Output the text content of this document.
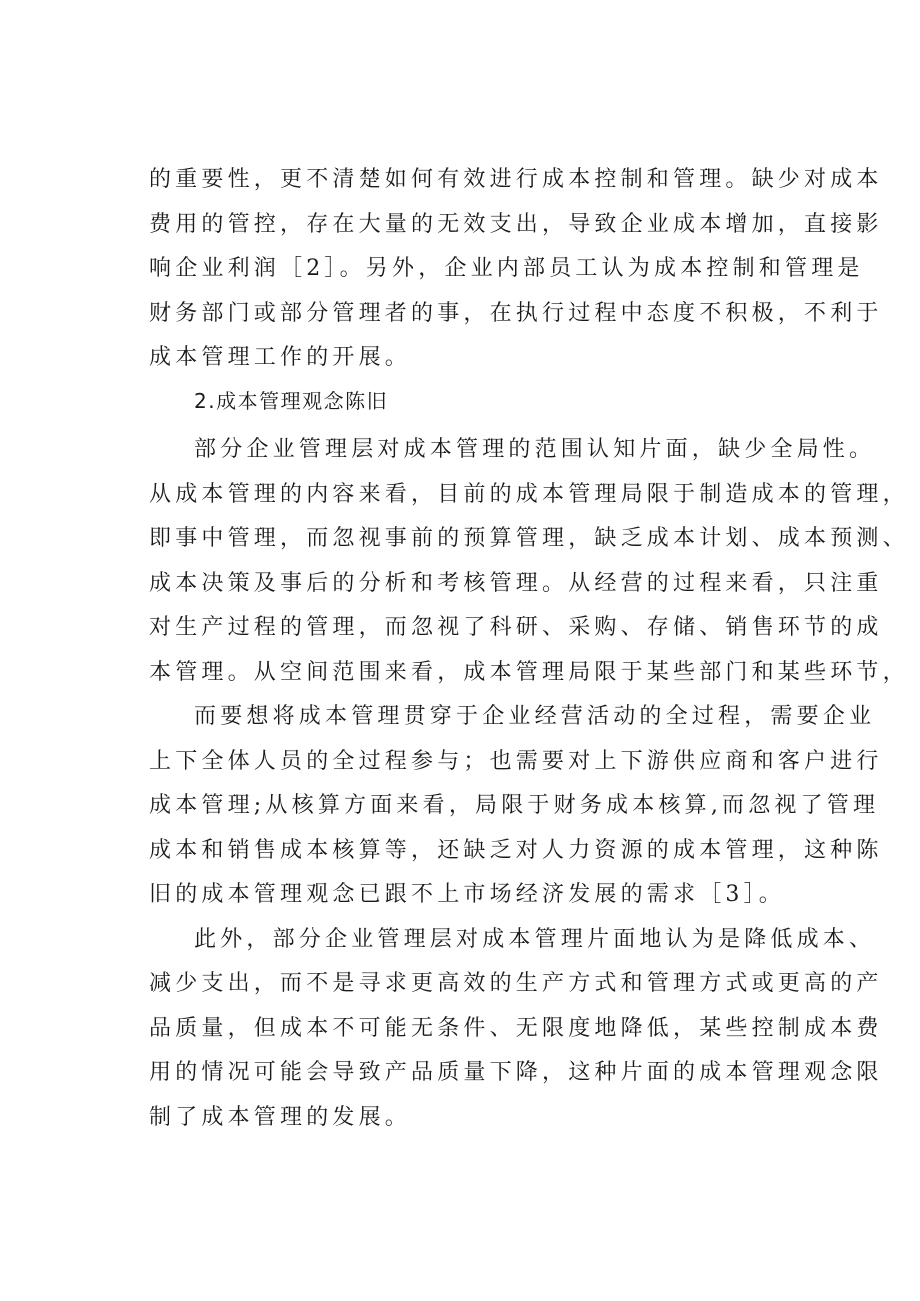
的重要性，更不清楚如何有效进行成本控制和管理。缺少对成本
费用的管控，存在大量的无效支出，导致企业成本增加，直接影
响企业利润［2］。另外，企业内部员工认为成本控制和管理是
财务部门或部分管理者的事，在执行过程中态度不积极，不利于
成本管理工作的开展。
2.成本管理观念陈旧
部分企业管理层对成本管理的范围认知片面，缺少全局性。
从成本管理的内容来看，目前的成本管理局限于制造成本的管理，
即事中管理，而忽视事前的预算管理，缺乏成本计划、成本预测、
成本决策及事后的分析和考核管理。从经营的过程来看，只注重
对生产过程的管理，而忽视了科研、采购、存储、销售环节的成
本管理。从空间范围来看，成本管理局限于某些部门和某些环节，
而要想将成本管理贯穿于企业经营活动的全过程，需要企业
上下全体人员的全过程参与；也需要对上下游供应商和客户进行
成本管理;从核算方面来看，局限于财务成本核算,而忽视了管理
成本和销售成本核算等，还缺乏对人力资源的成本管理，这种陈
旧的成本管理观念已跟不上市场经济发展的需求［3］。
此外，部分企业管理层对成本管理片面地认为是降低成本、
减少支出，而不是寻求更高效的生产方式和管理方式或更高的产
品质量，但成本不可能无条件、无限度地降低，某些控制成本费
用的情况可能会导致产品质量下降，这种片面的成本管理观念限
制了成本管理的发展。
